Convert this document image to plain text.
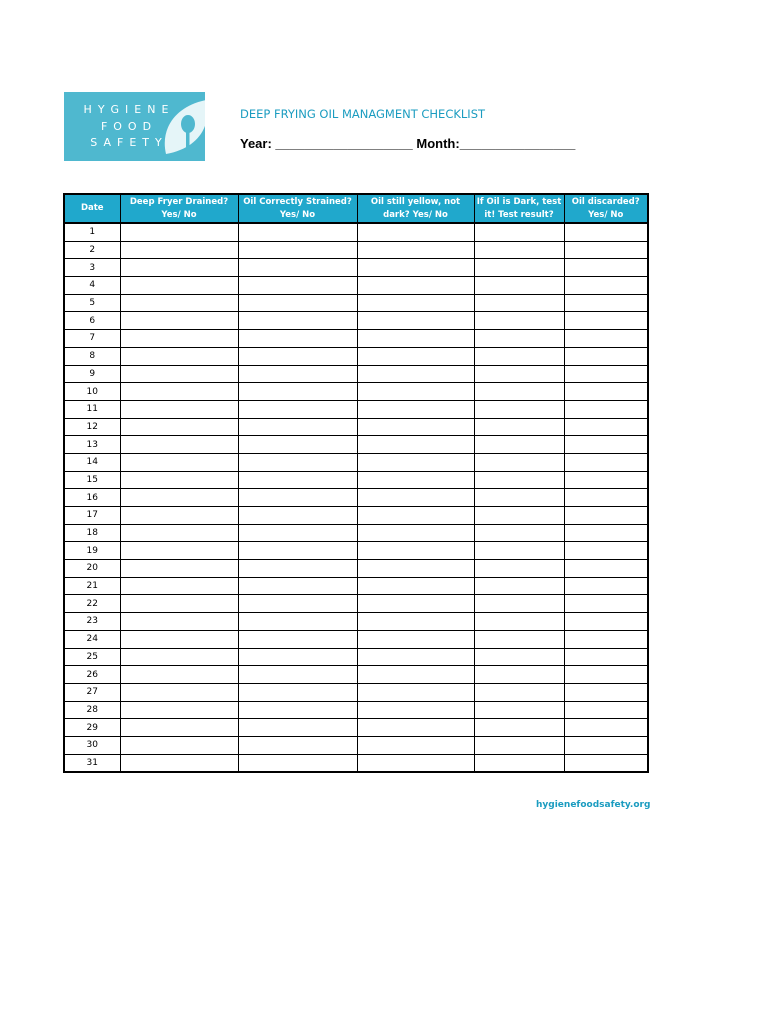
HYGIENE
FOOD
SAFETY
DEEP FRYING OIL MANAGMENT CHECKLIST
Year: ___________________ Month:________________
Date	Deep Fryer Drained? Yes/ No	Oil Correctly Strained? Yes/ No	Oil still yellow, not dark? Yes/ No	If Oil is Dark, test it! Test result?	Oil discarded? Yes/ No
1					
2					
3					
4					
5					
6					
7					
8					
9					
10					
11					
12					
13					
14					
15					
16					
17					
18					
19					
20					
21					
22					
23					
24					
25					
26					
27					
28					
29					
30					
31					
hygienefoodsafety.org
